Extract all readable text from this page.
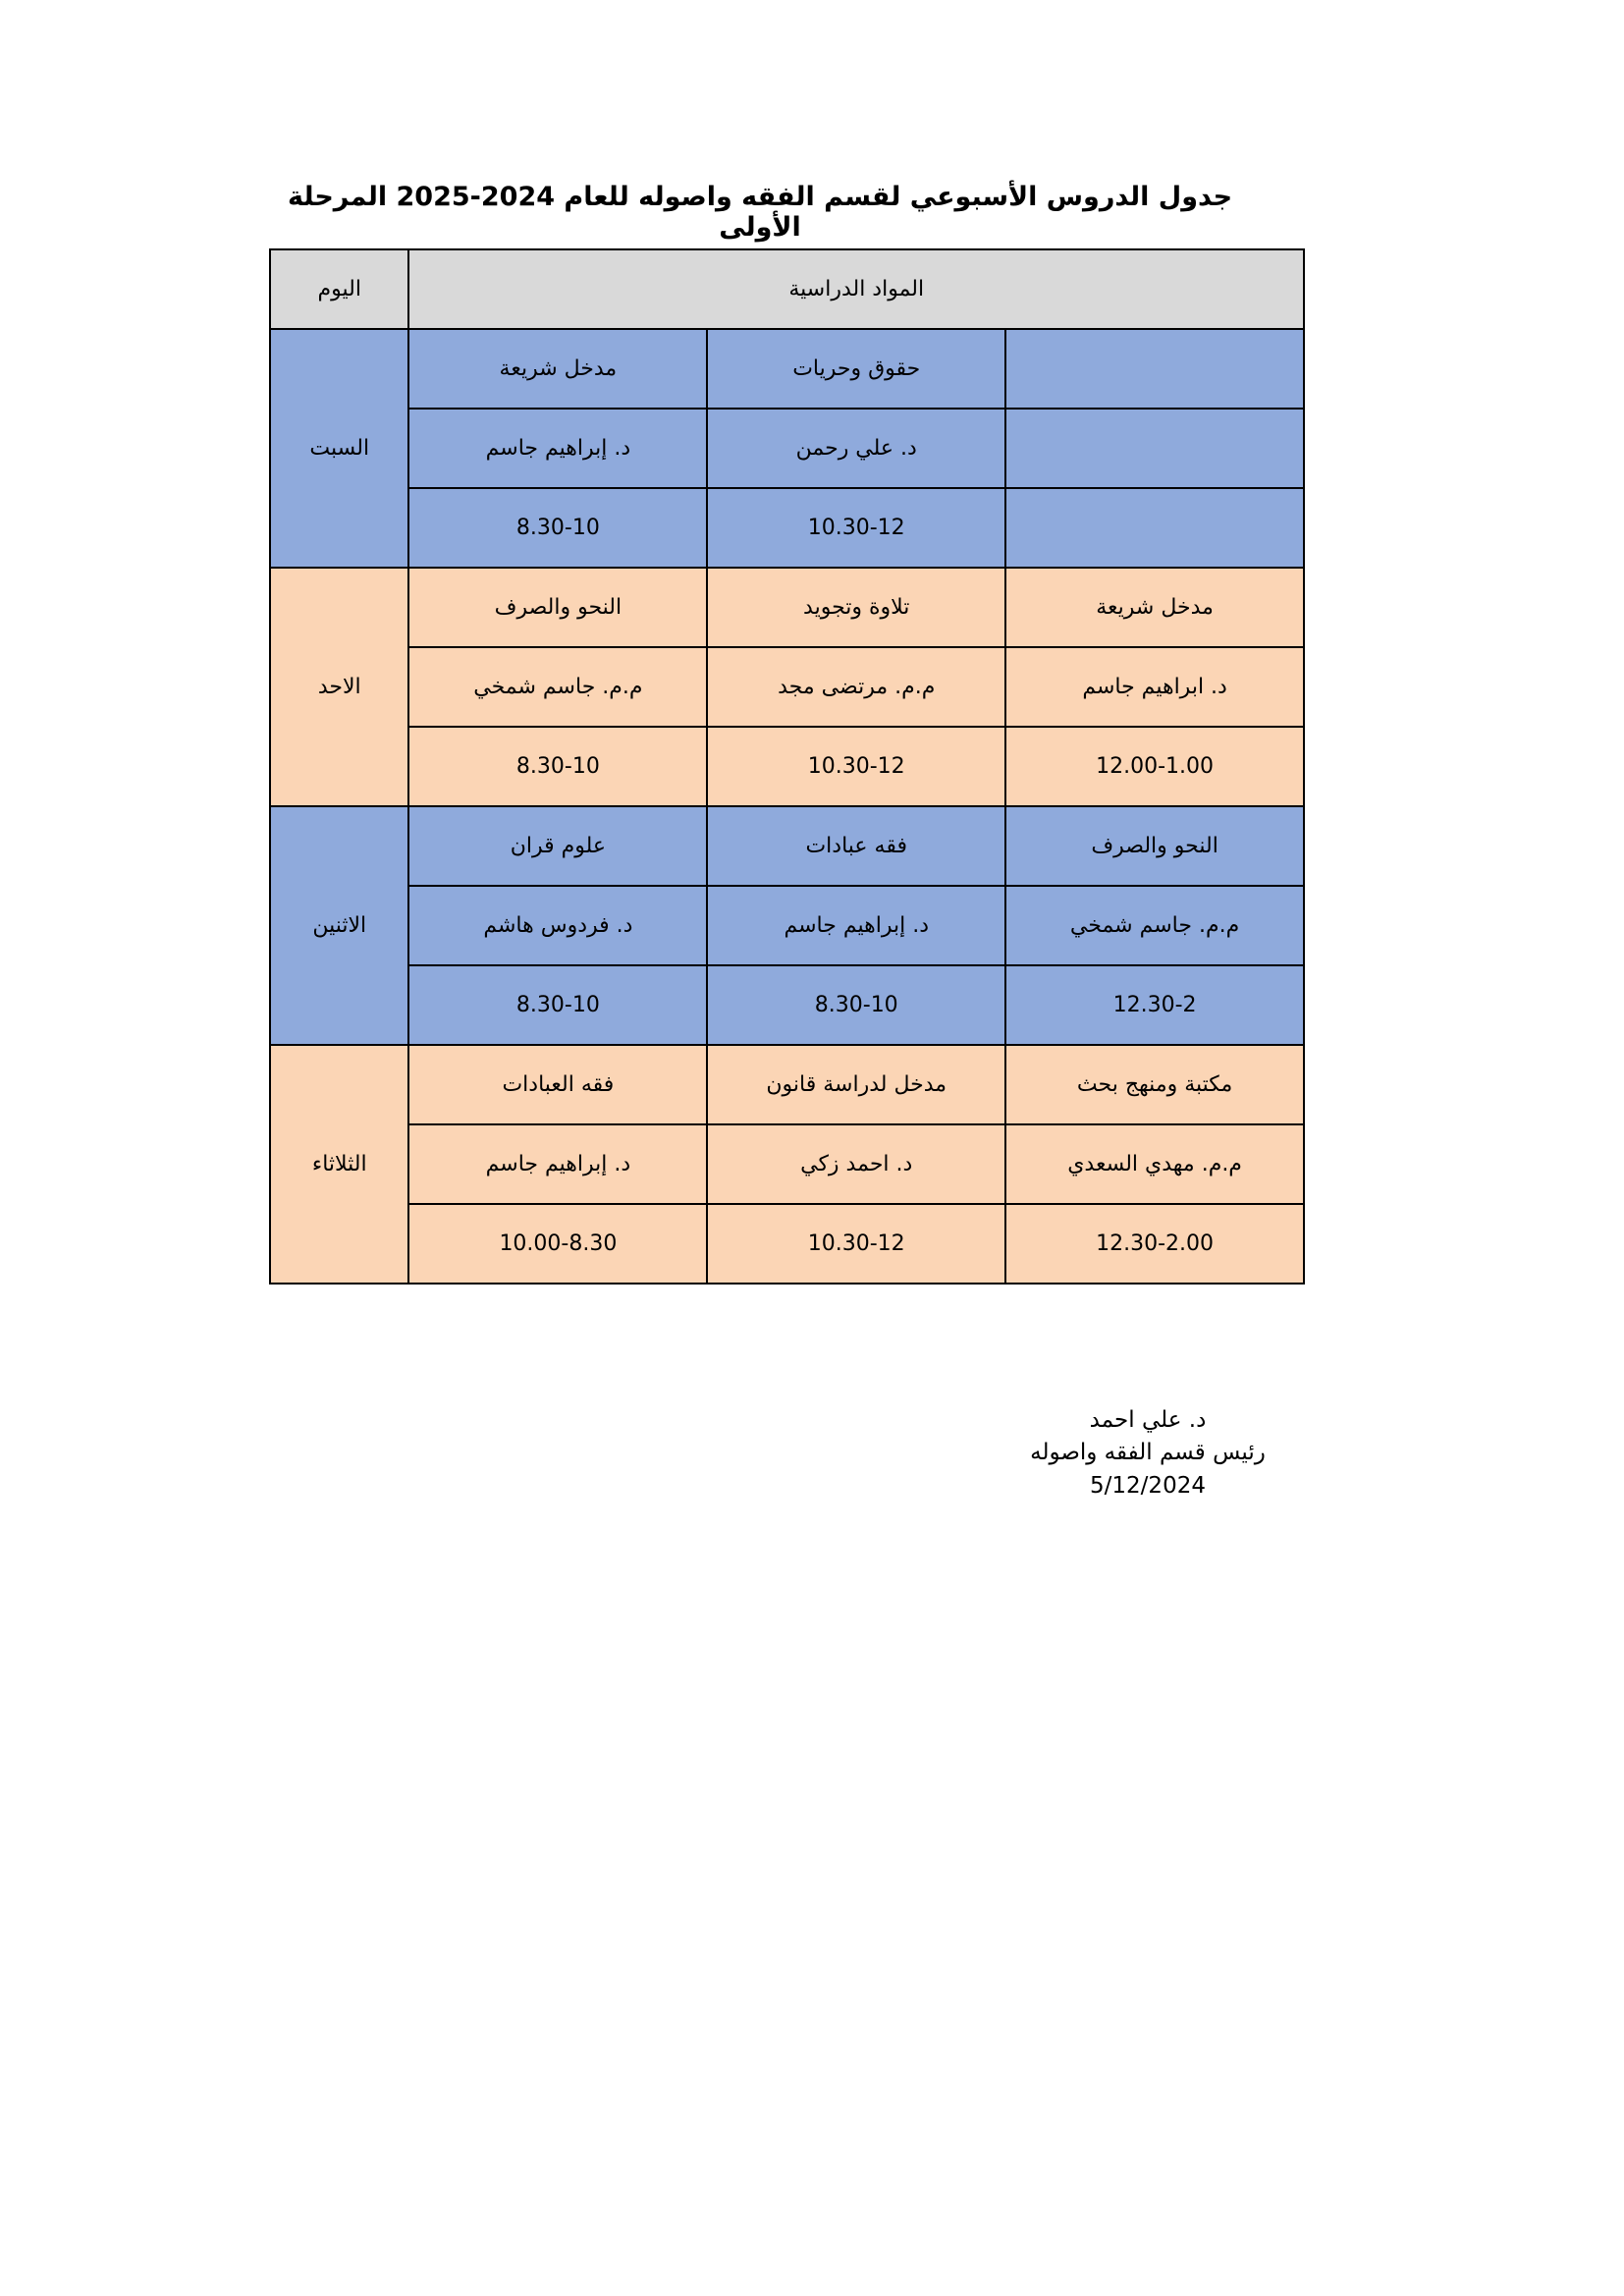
جدول الدروس الأسبوعي لقسم الفقه واصوله للعام 2024-2025 المرحلة الأولى
المواد الدراسية			اليوم
	حقوق وحريات	مدخل شريعة	السبت
	د. علي رحمن	د. إبراهيم جاسم	
	10.30-12	8.30-10	
مدخل شريعة	تلاوة وتجويد	النحو والصرف	الاحد
د. ابراهيم جاسم	م.م. مرتضى مجد	م.م. جاسم شمخي	
12.00-1.00	10.30-12	8.30-10	
النحو والصرف	فقه عبادات	علوم قران	الاثنين
م.م. جاسم شمخي	د. إبراهيم جاسم	د. فردوس هاشم	
12.30-2	8.30-10	8.30-10	
مكتبة ومنهج بحث	مدخل لدراسة قانون	فقه العبادات	الثلاثاء
م.م. مهدي السعدي	د. احمد زكي	د. إبراهيم جاسم	
12.30-2.00	10.30-12	10.00-8.30	
د. علي احمد
رئيس قسم الفقه واصوله
5/12/2024
